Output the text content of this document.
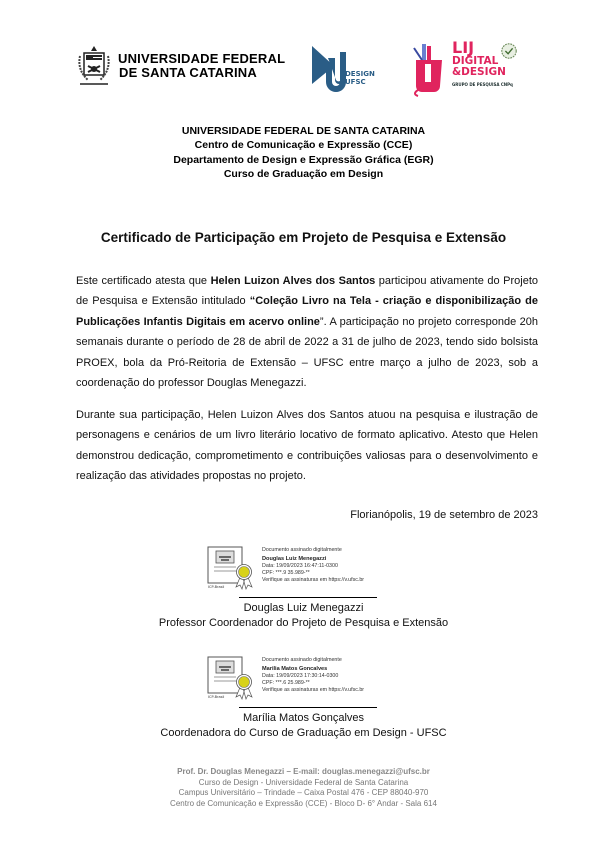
UNIVERSIDADE FEDERAL
DE SANTA CATARINA	DESIGN
UFSC
LIJ
DIGITAL
&DESIGN
GRUPO DE PESQUISA CNPq
UNIVERSIDADE FEDERAL DE SANTA CATARINA
Centro de Comunicação e Expressão (CCE)
Departamento de Design e Expressão Gráfica (EGR)
Curso de Graduação em Design
Certificado de Participação em Projeto de Pesquisa e Extensão
Este certificado atesta que Helen Luizon Alves dos Santos participou ativamente do Projeto de Pesquisa e Extensão intitulado “Coleção Livro na Tela - criação e disponibilização de Publicações Infantis Digitais em acervo online”. A participação no projeto corresponde 20h semanais durante o período de 28 de abril de 2022 a 31 de julho de 2023, tendo sido bolsista PROEX, bola da Pró-Reitoria de Extensão – UFSC entre março a julho de 2023, sob a coordenação do professor Douglas Menegazzi.
Durante sua participação, Helen Luizon Alves dos Santos atuou na pesquisa e ilustração de personagens e cenários de um livro literário locativo de formato aplicativo. Atesto que Helen demonstrou dedicação, comprometimento e contribuições valiosas para o desenvolvimento e realização das atividades propostas no projeto.
Florianópolis, 19 de setembro de 2023
ICP-Brasil
Documento assinado digitalmente
Douglas Luiz Menegazzi
Data: 19/09/2023 16:47:11-0300
CPF: ***.9 35.989-**
Verifique as assinaturas em https://v.ufsc.br
Douglas Luiz Menegazzi
Professor Coordenador do Projeto de Pesquisa e Extensão
ICP-Brasil
Documento assinado digitalmente
Marilia Matos Goncalves
Data: 19/09/2023 17:30:14-0300
CPF: ***.6 25.989-**
Verifique as assinaturas em https://v.ufsc.br
Marília Matos Gonçalves
Coordenadora do Curso de Graduação em Design - UFSC
Prof. Dr. Douglas Menegazzi – E-mail: douglas.menegazzi@ufsc.br
Curso de Design - Universidade Federal de Santa Catarina
Campus Universitário – Trindade – Caixa Postal 476 - CEP 88040-970
Centro de Comunicação e Expressão (CCE) - Bloco D- 6° Andar - Sala 614
